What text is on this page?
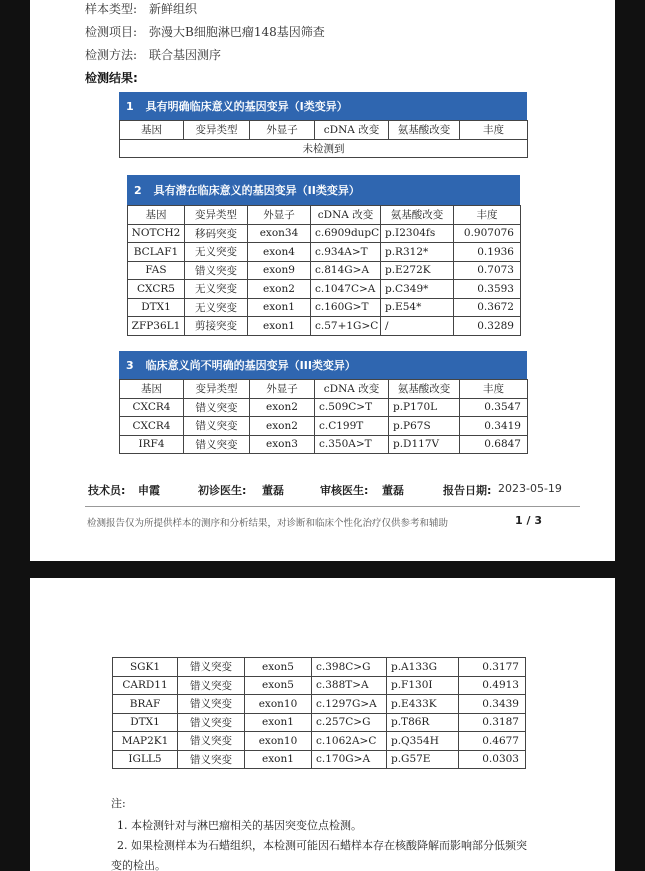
样本类型: 新鲜组织
检测项目: 弥漫大B细胞淋巴瘤148基因筛查
检测方法: 联合基因测序
检测结果:
1 具有明确临床意义的基因变异（I类变异）
基因	变异类型	外显子	cDNA 改变	氨基酸改变	丰度
未检测到
2 具有潜在临床意义的基因变异（II类变异）
基因	变异类型	外显子	cDNA 改变	氨基酸改变	丰度
NOTCH2	移码突变	exon34	c.6909dupC	p.I2304fs	0.907076
BCLAF1	无义突变	exon4	c.934A>T	p.R312*	0.1936
FAS	错义突变	exon9	c.814G>A	p.E272K	0.7073
CXCR5	无义突变	exon2	c.1047C>A	p.C349*	0.3593
DTX1	无义突变	exon1	c.160G>T	p.E54*	0.3672
ZFP36L1	剪接突变	exon1	c.57+1G>C	/	0.3289
3 临床意义尚不明确的基因变异（III类变异）
基因	变异类型	外显子	cDNA 改变	氨基酸改变	丰度
CXCR4	错义突变	exon2	c.509C>T	p.P170L	0.3547
CXCR4	错义突变	exon2	c.C199T	p.P67S	0.3419
IRF4	错义突变	exon3	c.350A>T	p.D117V	0.6847
技术员: 申霞	初诊医生: 董磊	审核医生: 董磊	报告日期: 2023-05-19
检测报告仅为所提供样本的测序和分析结果，对诊断和临床个性化治疗仅供参考和辅助	1 / 3
SGK1	错义突变	exon5	c.398C>G	p.A133G	0.3177
CARD11	错义突变	exon5	c.388T>A	p.F130I	0.4913
BRAF	错义突变	exon10	c.1297G>A	p.E433K	0.3439
DTX1	错义突变	exon1	c.257C>G	p.T86R	0.3187
MAP2K1	错义突变	exon10	c.1062A>C	p.Q354H	0.4677
IGLL5	错义突变	exon1	c.170G>A	p.G57E	0.0303
注:
1. 本检测针对与淋巴瘤相关的基因突变位点检测。
2. 如果检测样本为石蜡组织，本检测可能因石蜡样本存在核酸降解而影响部分低频突
变的检出。
